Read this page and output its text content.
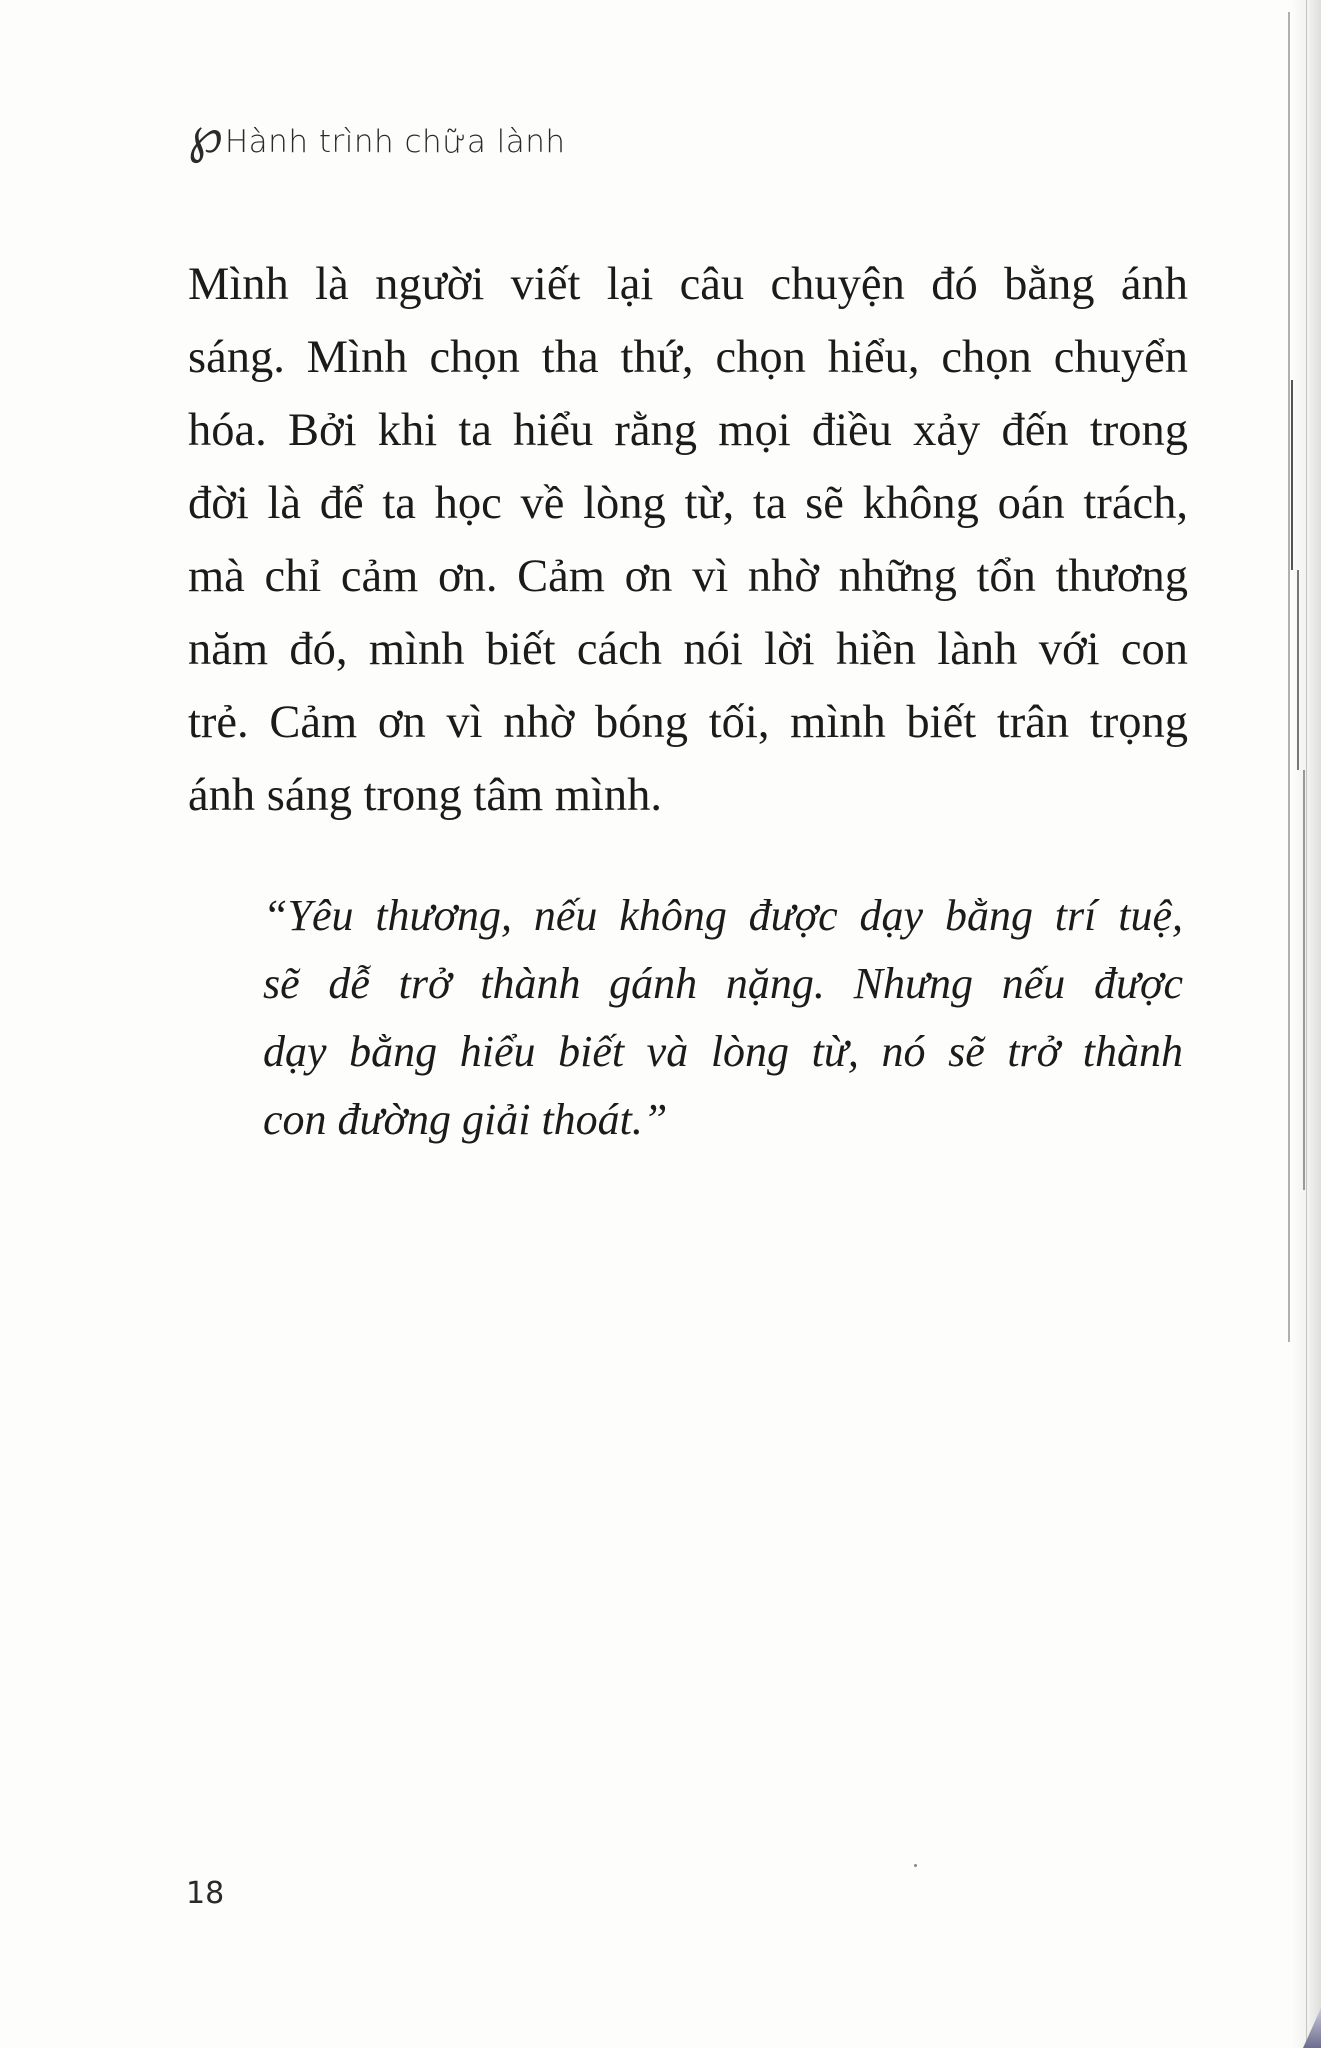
℘ Hành trình chữa lành
Mình là người viết lại câu chuyện đó bằng ánh
sáng. Mình chọn tha thứ, chọn hiểu, chọn chuyển
hóa. Bởi khi ta hiểu rằng mọi điều xảy đến trong
đời là để ta học về lòng từ, ta sẽ không oán trách,
mà chỉ cảm ơn. Cảm ơn vì nhờ những tổn thương
năm đó, mình biết cách nói lời hiền lành với con
trẻ. Cảm ơn vì nhờ bóng tối, mình biết trân trọng
ánh sáng trong tâm mình.
“Yêu thương, nếu không được dạy bằng trí tuệ,
sẽ dễ trở thành gánh nặng. Nhưng nếu được
dạy bằng hiểu biết và lòng từ, nó sẽ trở thành
con đường giải thoát.”
18
